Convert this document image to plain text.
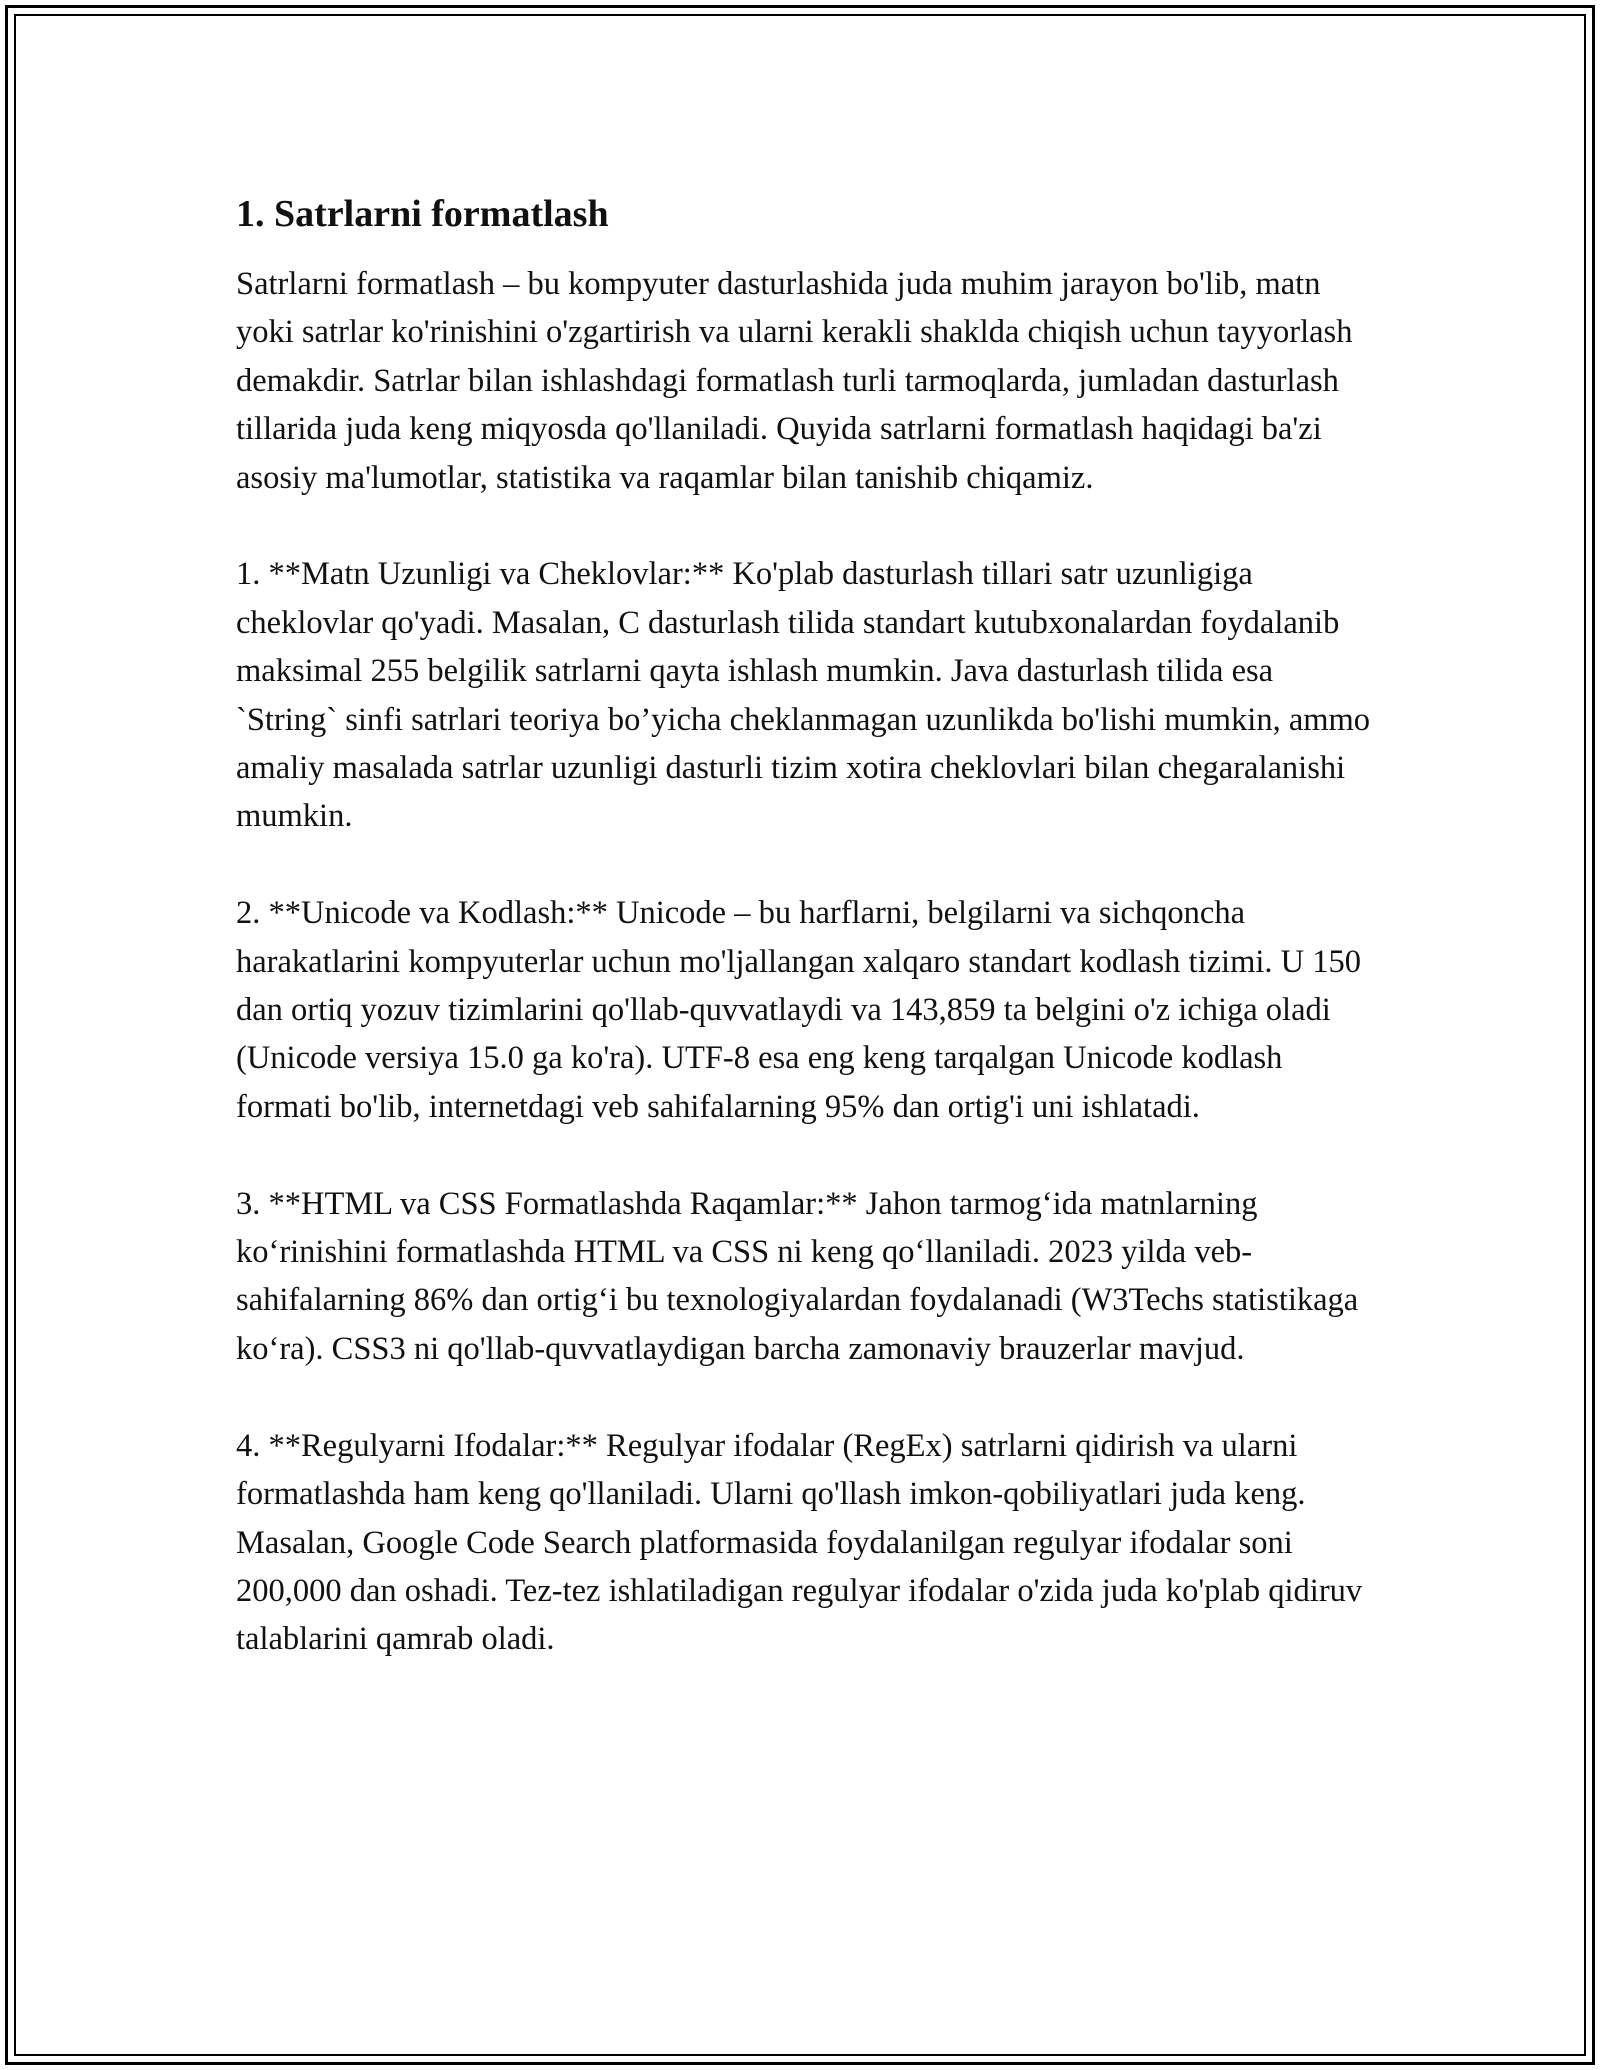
1. Satrlarni formatlash

Satrlarni formatlash – bu kompyuter dasturlashida juda muhim jarayon bo'lib, matn yoki satrlar ko'rinishini o'zgartirish va ularni kerakli shaklda chiqish uchun tayyorlash demakdir. Satrlar bilan ishlashdagi formatlash turli tarmoqlarda, jumladan dasturlash tillarida juda keng miqyosda qo'llaniladi. Quyida satrlarni formatlash haqidagi ba'zi asosiy ma'lumotlar, statistika va raqamlar bilan tanishib chiqamiz.

1. **Matn Uzunligi va Cheklovlar:** Ko'plab dasturlash tillari satr uzunligiga cheklovlar qo'yadi. Masalan, C dasturlash tilida standart kutubxonalardan foydalanib maksimal 255 belgilik satrlarni qayta ishlash mumkin. Java dasturlash tilida esa `String` sinfi satrlari teoriya bo’yicha cheklanmagan uzunlikda bo'lishi mumkin, ammo amaliy masalada satrlar uzunligi dasturli tizim xotira cheklovlari bilan chegaralanishi mumkin.

2. **Unicode va Kodlash:** Unicode – bu harflarni, belgilarni va sichqoncha harakatlarini kompyuterlar uchun mo'ljallangan xalqaro standart kodlash tizimi. U 150 dan ortiq yozuv tizimlarini qo'llab-quvvatlaydi va 143,859 ta belgini o'z ichiga oladi (Unicode versiya 15.0 ga ko'ra). UTF-8 esa eng keng tarqalgan Unicode kodlash formati bo'lib, internetdagi veb sahifalarning 95% dan ortig'i uni ishlatadi.

3. **HTML va CSS Formatlashda Raqamlar:** Jahon tarmog‘ida matnlarning ko‘rinishini formatlashda HTML va CSS ni keng qo‘llaniladi. 2023 yilda veb-sahifalarning 86% dan ortig‘i bu texnologiyalardan foydalanadi (W3Techs statistikaga ko‘ra). CSS3 ni qo'llab-quvvatlaydigan barcha zamonaviy brauzerlar mavjud.

4. **Regulyarni Ifodalar:** Regulyar ifodalar (RegEx) satrlarni qidirish va ularni formatlashda ham keng qo'llaniladi. Ularni qo'llash imkon-qobiliyatlari juda keng. Masalan, Google Code Search platformasida foydalanilgan regulyar ifodalar soni 200,000 dan oshadi. Tez-tez ishlatiladigan regulyar ifodalar o'zida juda ko'plab qidiruv talablarini qamrab oladi.
